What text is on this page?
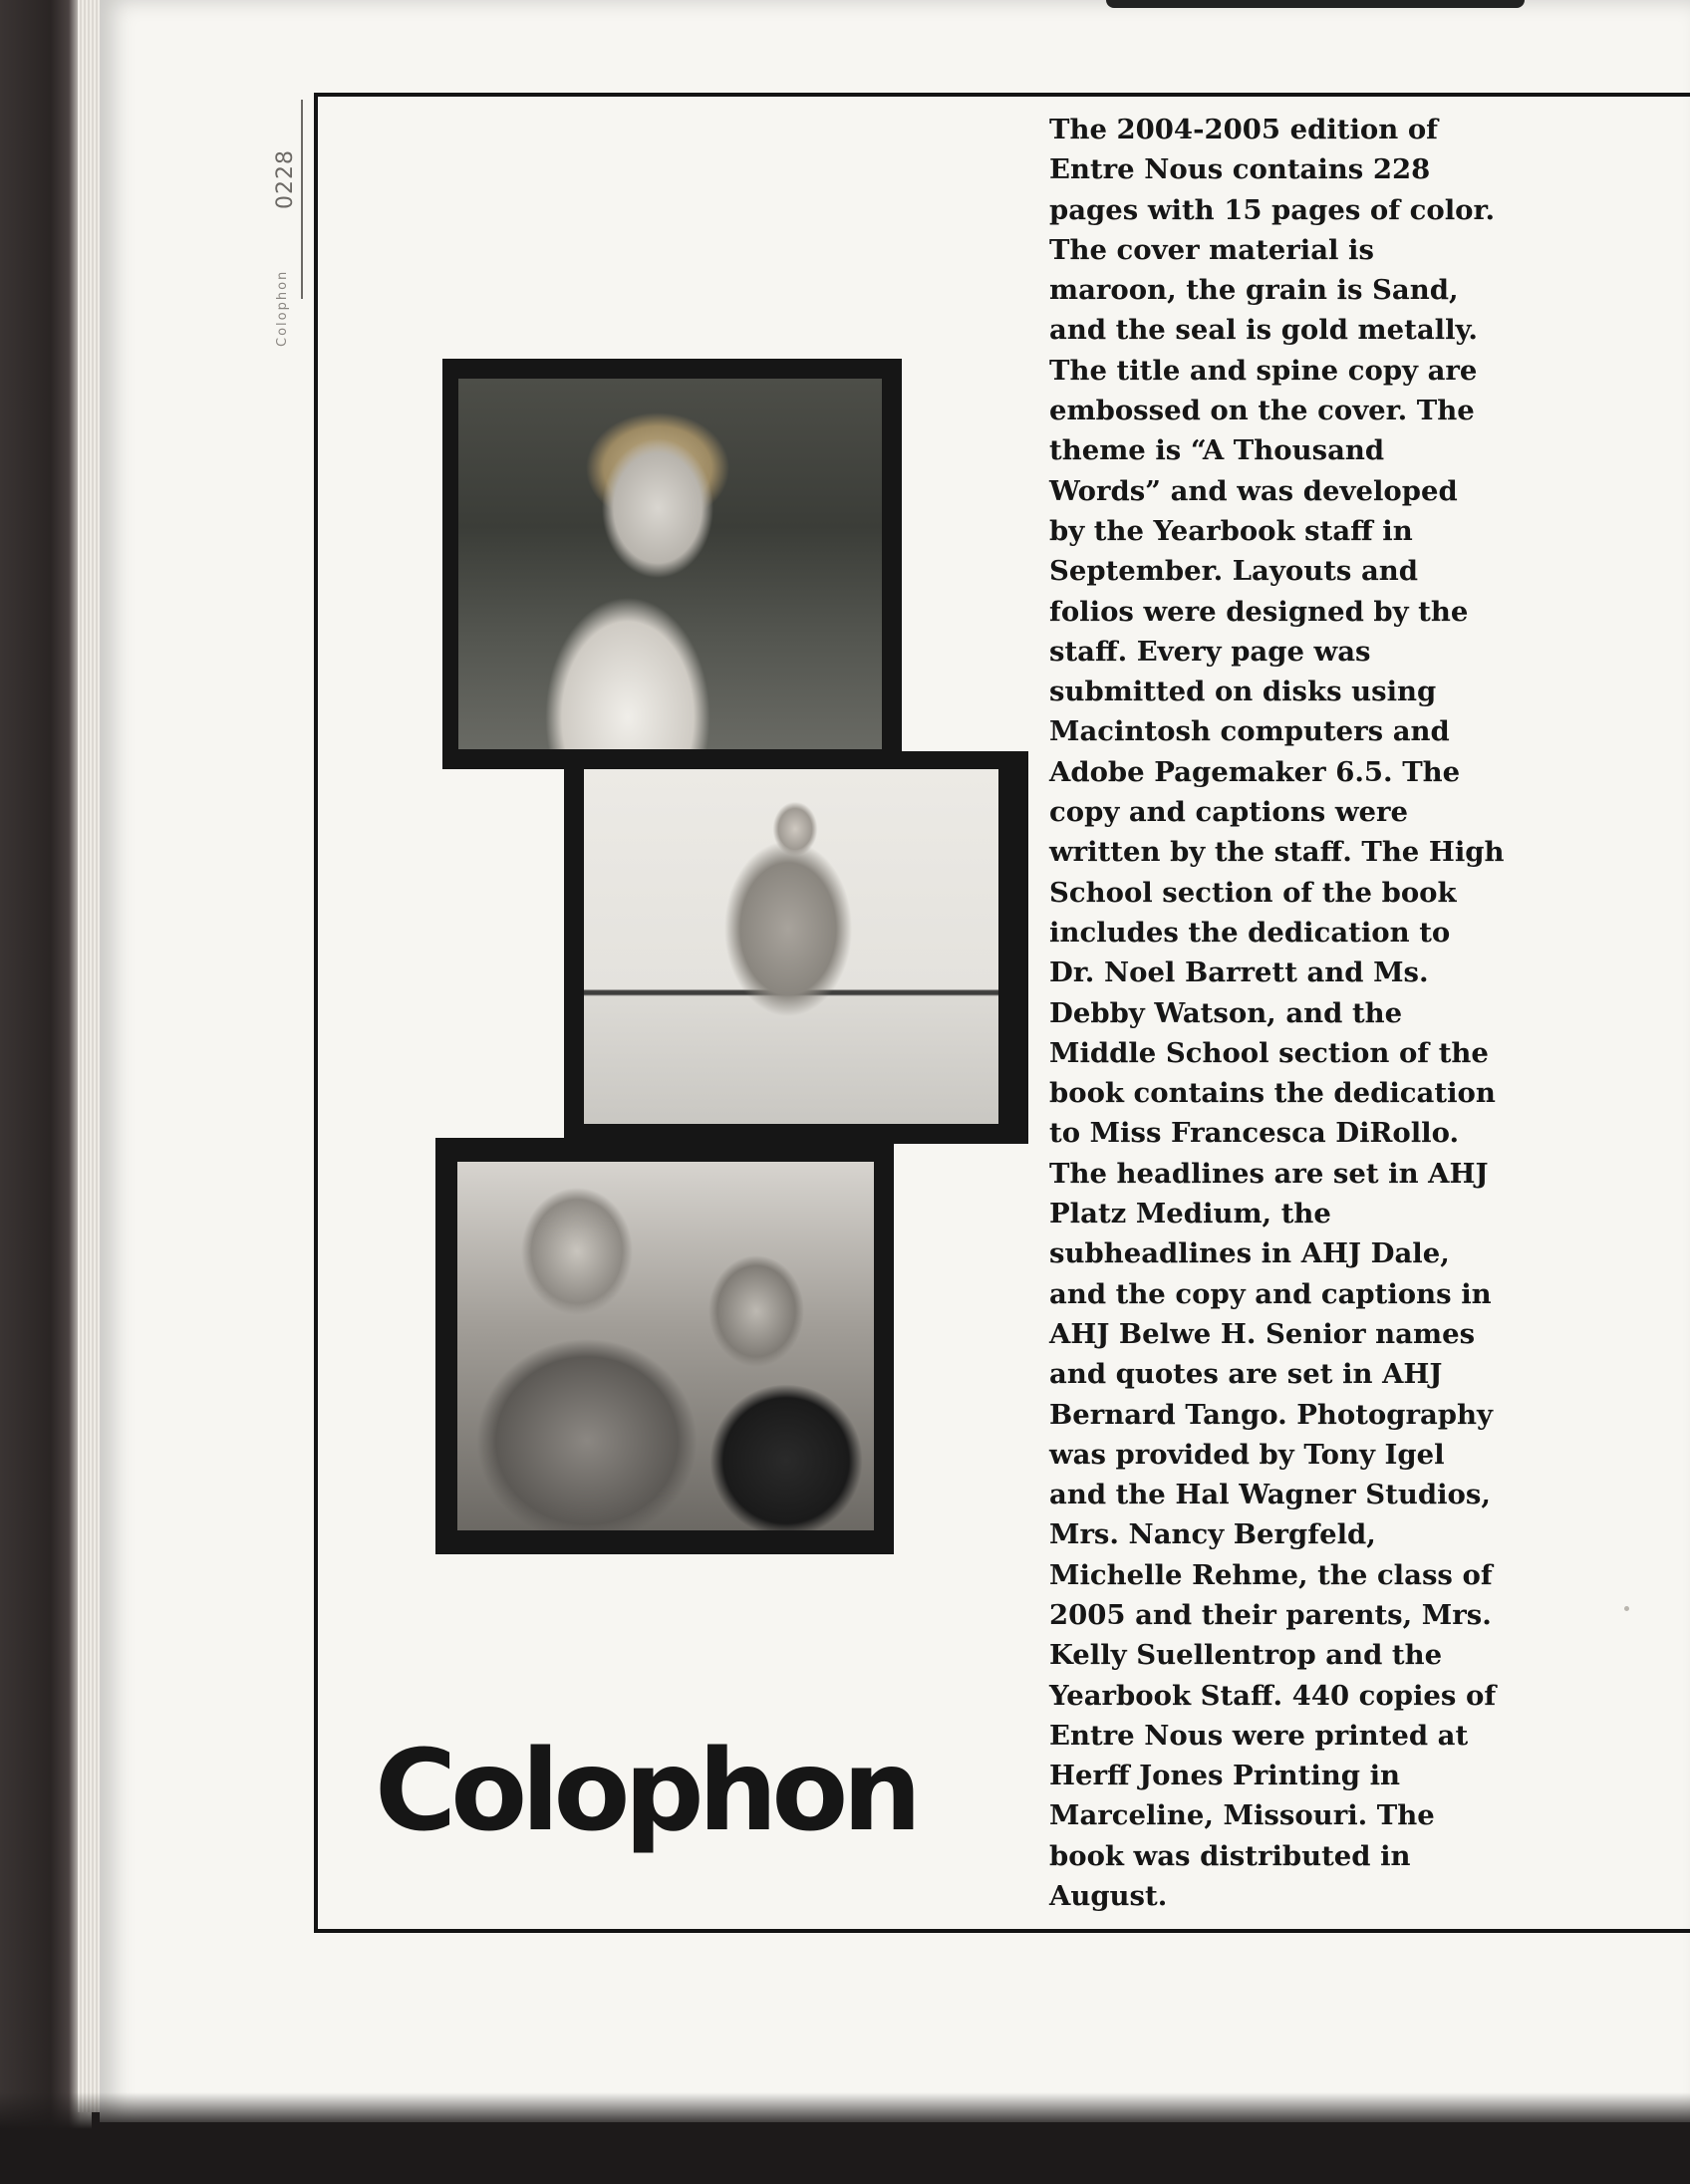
0228
Colophon

The 2004-2005 edition of
Entre Nous contains 228
pages with 15 pages of color.
The cover material is
maroon, the grain is Sand,
and the seal is gold metally.
The title and spine copy are
embossed on the cover. The
theme is “A Thousand
Words” and was developed
by the Yearbook staff in
September. Layouts and
folios were designed by the
staff. Every page was
submitted on disks using
Macintosh computers and
Adobe Pagemaker 6.5. The
copy and captions were
written by the staff. The High
School section of the book
includes the dedication to
Dr. Noel Barrett and Ms.
Debby Watson, and the
Middle School section of the
book contains the dedication
to Miss Francesca DiRollo.
The headlines are set in AHJ
Platz Medium, the
subheadlines in AHJ Dale,
and the copy and captions in
AHJ Belwe H. Senior names
and quotes are set in AHJ
Bernard Tango. Photography
was provided by Tony Igel
and the Hal Wagner Studios,
Mrs. Nancy Bergfeld,
Michelle Rehme, the class of
2005 and their parents, Mrs.
Kelly Suellentrop and the
Yearbook Staff. 440 copies of
Entre Nous were printed at
Herff Jones Printing in
Marceline, Missouri. The
book was distributed in
August.

Colophon
